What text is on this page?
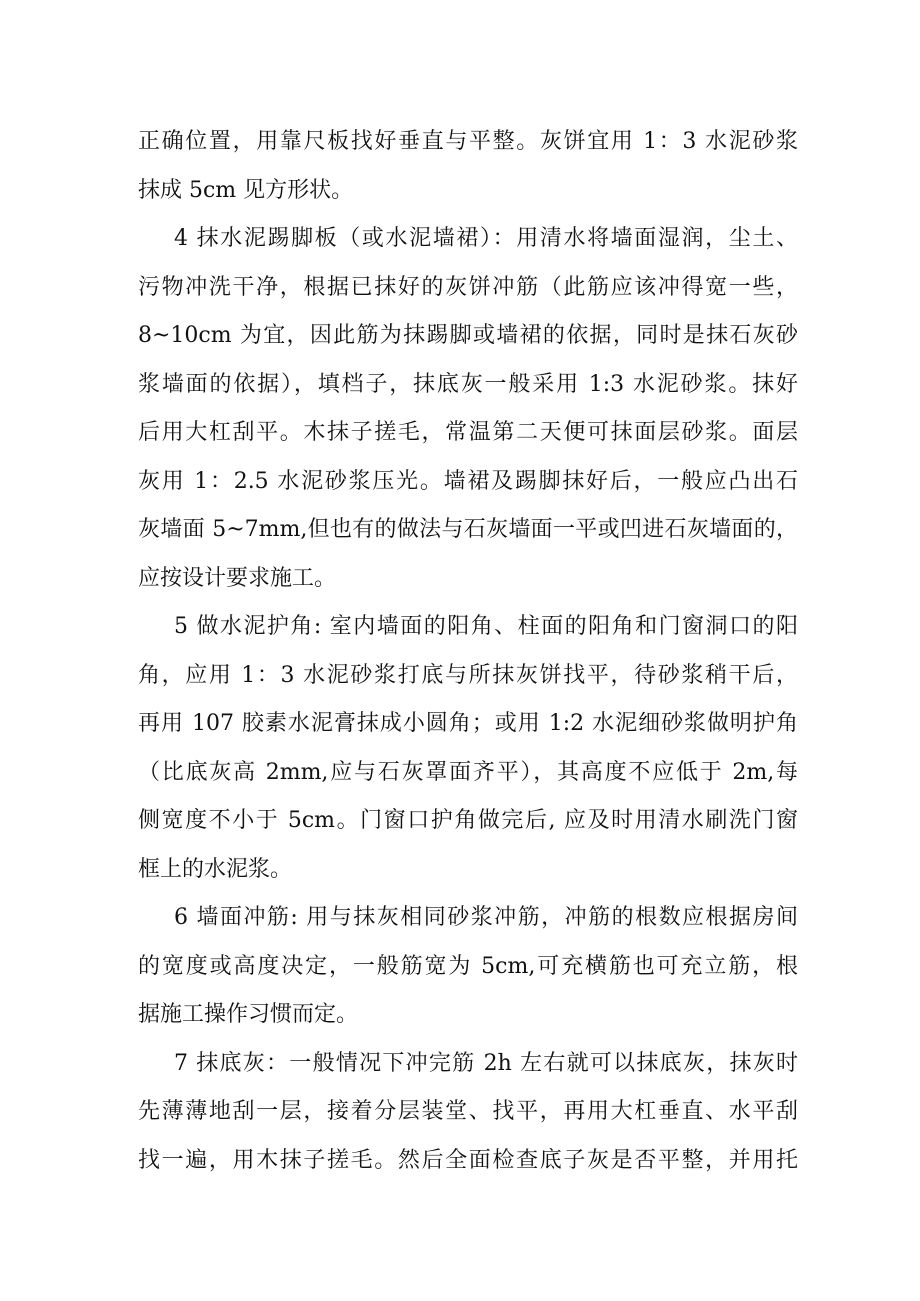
正确位置，用靠尺板找好垂直与平整。灰饼宜用 1：3 水泥砂浆
抹成 5cm 见方形状。
4 抹水泥踢脚板（或水泥墙裙）：用清水将墙面湿润，尘土、
污物冲洗干净，根据已抹好的灰饼冲筋（此筋应该冲得宽一些，
8~10cm 为宜，因此筋为抹踢脚或墙裙的依据，同时是抹石灰砂
浆墙面的依据），填档子，抹底灰一般采用 1:3 水泥砂浆。抹好
后用大杠刮平。木抹子搓毛，常温第二天便可抹面层砂浆。面层
灰用 1：2.5 水泥砂浆压光。墙裙及踢脚抹好后，一般应凸出石
灰墙面 5~7mm,但也有的做法与石灰墙面一平或凹进石灰墙面的，
应按设计要求施工。
5 做水泥护角: 室内墙面的阳角、柱面的阳角和门窗洞口的阳
角，应用 1：3 水泥砂浆打底与所抹灰饼找平，待砂浆稍干后，
再用 107 胶素水泥膏抹成小圆角；或用 1:2 水泥细砂浆做明护角
（比底灰高 2mm,应与石灰罩面齐平），其高度不应低于 2m,每
侧宽度不小于 5cm。门窗口护角做完后, 应及时用清水刷洗门窗
框上的水泥浆。
6 墙面冲筋: 用与抹灰相同砂浆冲筋，冲筋的根数应根据房间
的宽度或高度决定，一般筋宽为 5cm,可充横筋也可充立筋，根
据施工操作习惯而定。
7 抹底灰：一般情况下冲完筋 2h 左右就可以抹底灰，抹灰时
先薄薄地刮一层，接着分层装堂、找平，再用大杠垂直、水平刮
找一遍，用木抹子搓毛。然后全面检查底子灰是否平整，并用托
